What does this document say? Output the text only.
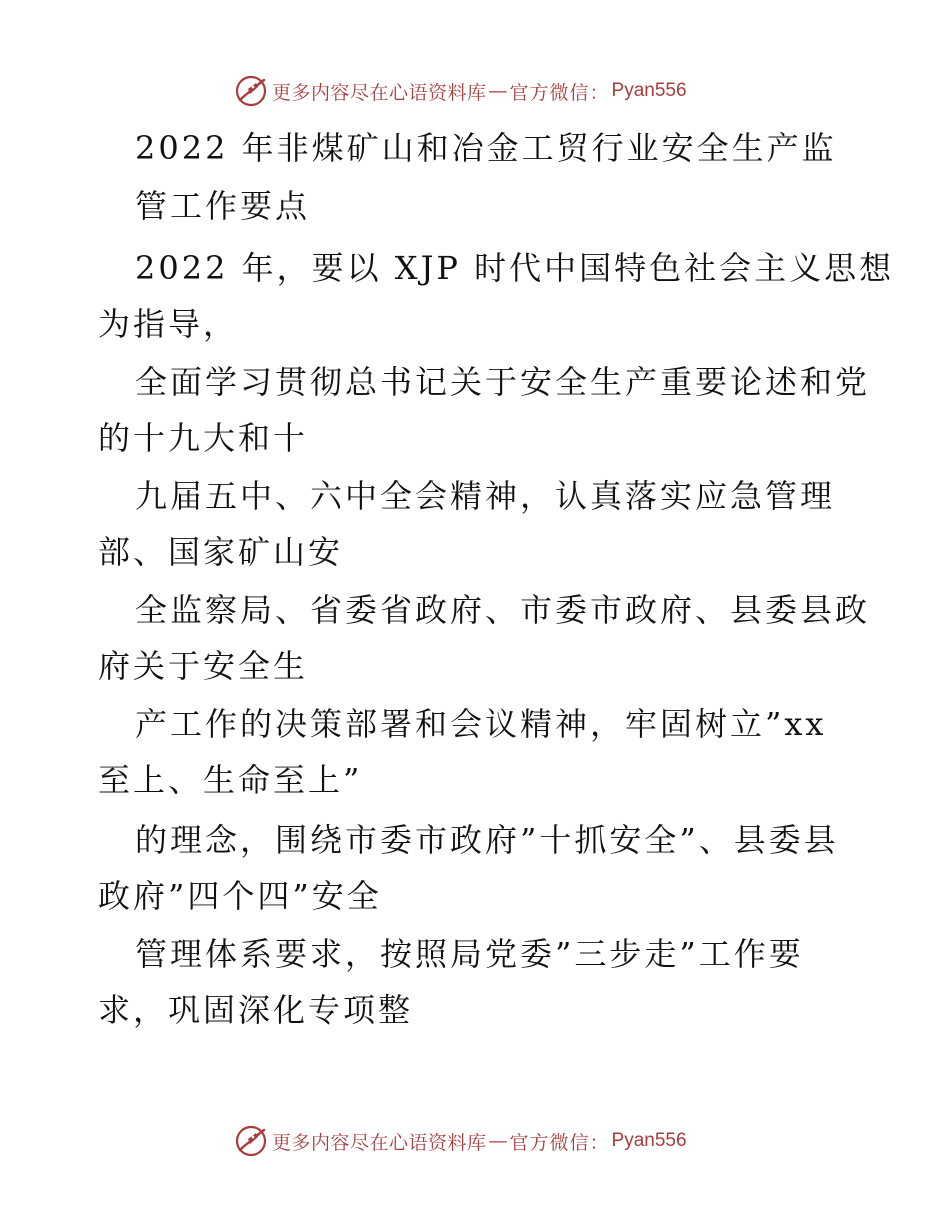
更多内容尽在心语资料库 — 官方微信： Pyan556
2022 年非煤矿山和冶金工贸行业安全生产监
管工作要点
2022 年，要以 XJP 时代中国特色社会主义思想
为指导，
全面学习贯彻总书记关于安全生产重要论述和党
的十九大和十
九届五中、六中全会精神，认真落实应急管理
部、国家矿山安
全监察局、省委省政府、市委市政府、县委县政
府关于安全生
产工作的决策部署和会议精神，牢固树立”xx
至上、生命至上”
的理念，围绕市委市政府”十抓安全”、县委县
政府”四个四”安全
管理体系要求，按照局党委”三步走”工作要
求，巩固深化专项整
更多内容尽在心语资料库 — 官方微信： Pyan556
